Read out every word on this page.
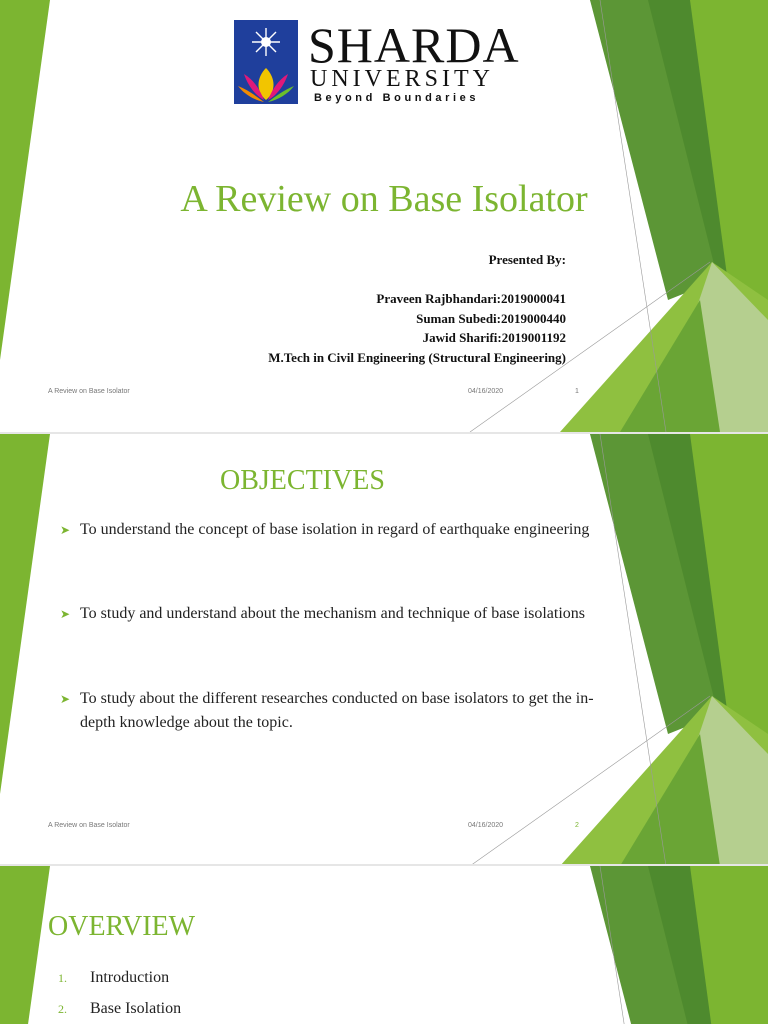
SHARDA
UNIVERSITY
Beyond Boundaries
A Review on Base Isolator
Presented By:
Praveen Rajbhandari:2019000041
Suman Subedi:2019000440
Jawid Sharifi:2019001192
M.Tech in Civil Engineering (Structural Engineering)
A Review on Base Isolator	04/16/2020	1
OBJECTIVES
➤ To understand the concept of base isolation in regard of earthquake engineering
➤ To study and understand about the mechanism and technique of base isolations
➤ To study about the different researches conducted on base isolators to get the in-depth knowledge about the topic.
A Review on Base Isolator	04/16/2020	2
OVERVIEW
1. Introduction
2. Base Isolation
